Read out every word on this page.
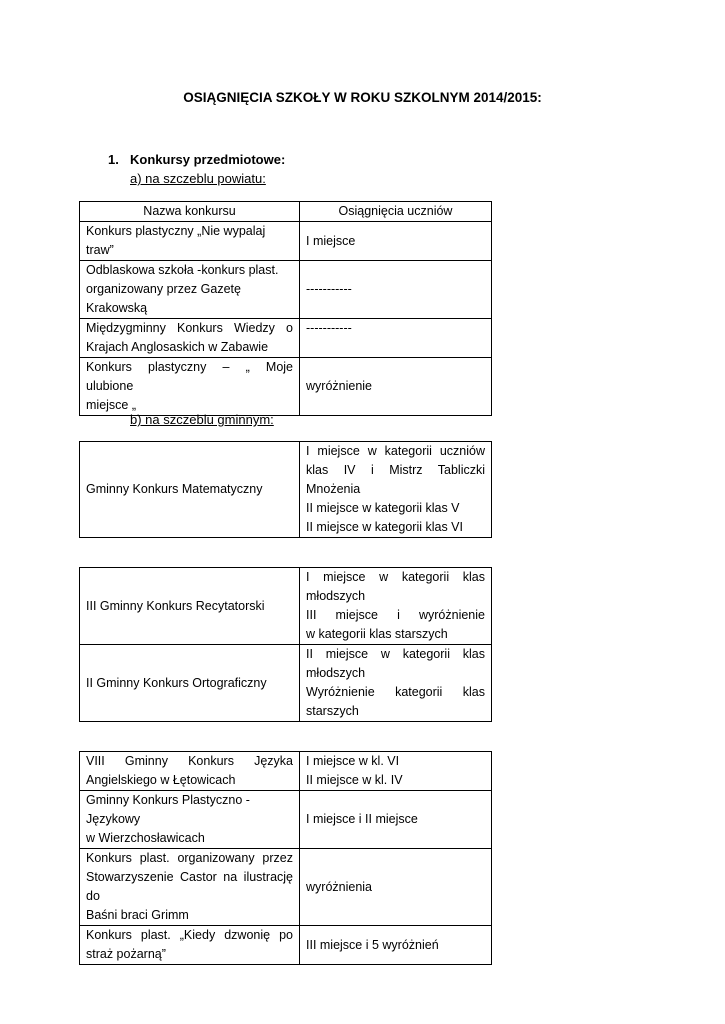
OSIĄGNIĘCIA SZKOŁY W ROKU SZKOLNYM 2014/2015:
1. Konkursy przedmiotowe:
a) na szczeblu powiatu:
Nazwa konkursu	Osiągnięcia uczniów

Konkurs plastyczny „Nie wypalaj
traw”	I miejsce

Odblaskowa szkoła -konkurs plast.
organizowany przez Gazetę
Krakowską	-----------

Międzygminny Konkurs Wiedzy o
Krajach Anglosaskich w Zabawie	-----------

Konkurs plastyczny – „ Moje ulubione
miejsce „	wyróżnienie
b) na szczeblu gminnym:
Gminny Konkurs Matematyczny

I miejsce w kategorii uczniów
klas IV i Mistrz Tabliczki
Mnożenia
II miejsce w kategorii klas V
II miejsce w kategorii klas VI
III Gminny Konkurs Recytatorski	I miejsce w kategorii klas
młodszych
III miejsce i wyróżnienie
w kategorii klas starszych

II Gminny Konkurs Ortograficzny	II miejsce w kategorii klas
młodszych
Wyróżnienie kategorii klas
starszych
VIII Gminny Konkurs Języka
Angielskiego w Łętowicach	I miejsce w kl. VI
II miejsce w kl. IV

Gminny Konkurs Plastyczno -Językowy
w Wierzchosławicach	I miejsce i II miejsce

Konkurs plast. organizowany przez
Stowarzyszenie Castor na ilustrację do
Baśni braci Grimm	wyróżnienia

Konkurs plast. „Kiedy dzwonię po
straż pożarną”	III miejsce i 5 wyróżnień
